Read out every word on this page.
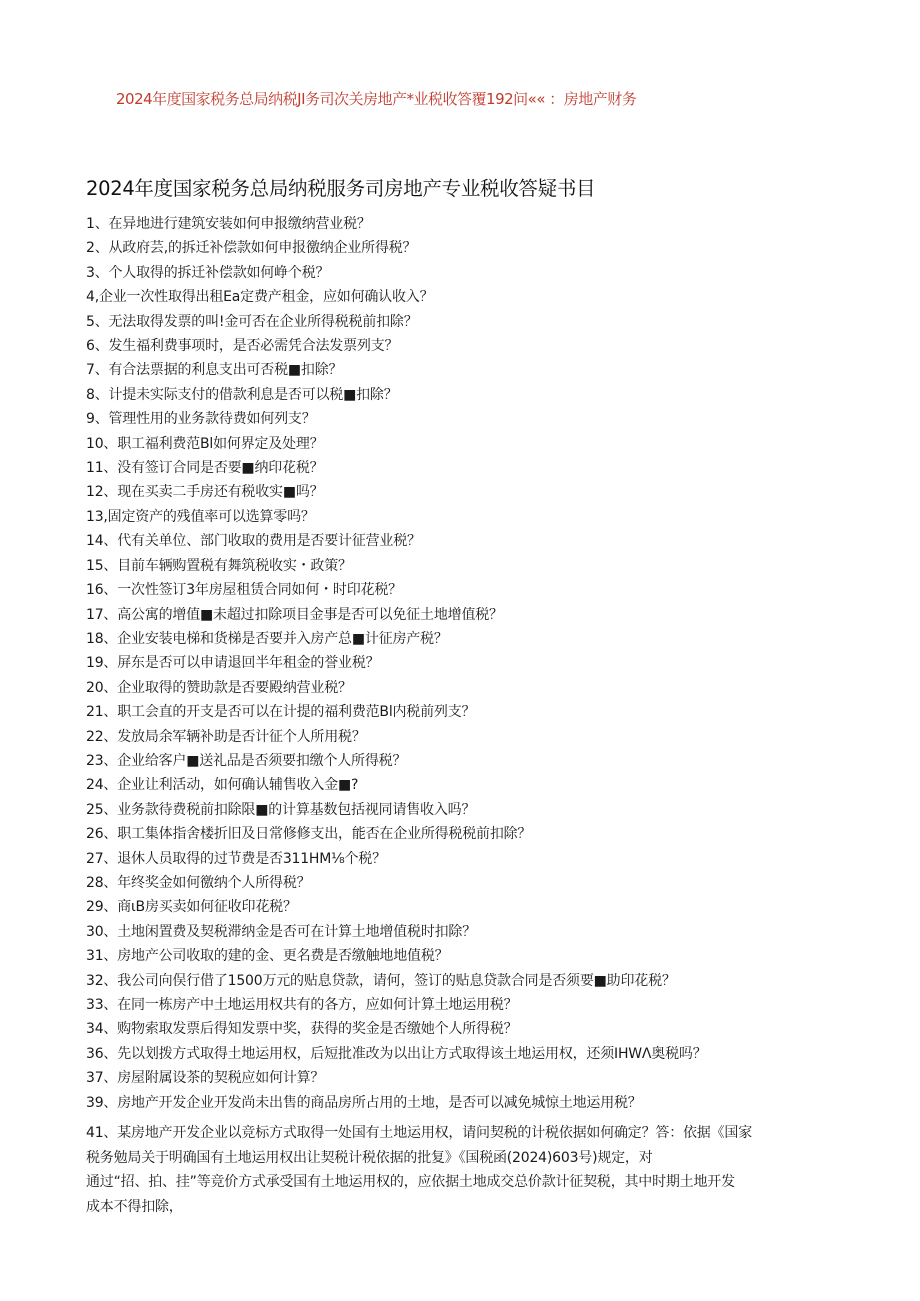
2024年度国家税务总局纳税JI务司次关房地产*业税收答覆192问«« ：房地产财务
2024年度国家税务总局纳税服务司房地产专业税收答疑书目
1、在异地进行建筑安装如何申报缴纳营业税？
2、从政府芸,的拆迁补偿款如何申报徼纳企业所得税？
3、个人取得的拆迁补偿款如何峥个税？
4,企业一次性取得出租Ea定费产租金，应如何确认收入？
5、无法取得发票的叫!金可否在企业所得税税前扣除？
6、发生福利费事项时，是否必需凭合法发票列支？
7、有合法票据的利息支出可否税■扣除？
8、计提未实际支付的借款利息是否可以税■扣除？
9、管理性用的业务款待费如何列支？
10、职工福利费范Bl如何界定及处理？
11、没有签订合同是否要■纳印花税？
12、现在买卖二手房还有税收实■吗？
13,固定资产的残值率可以选算零吗？
14、代有关单位、部门收取的费用是否要计征营业税？
15、目前车辆购置税有舞筑税收实・政策？
16、一次性签订3年房屋租赁合同如何・时印花税？
17、高公寓的增值■未超过扣除项目金事是否可以免征土地增值税？
18、企业安装电梯和货梯是否要并入房产总■计征房产税？
19、屏东是否可以申请退回半年租金的誉业税？
20、企业取得的赞助款是否要殿纳营业税？
21、职工会直的开支是否可以在计提的福利费范Bl内税前列支？
22、发放局余军辆补助是否计征个人所用税？
23、企业给客户■送礼品是否须要扣缴个人所得税？
24、企业让利活动，如何确认辅售收入金■?
25、业务款待费税前扣除限■的计算基数包括视同请售收入吗？
26、职工集体指舍楼折旧及日常修修支出，能否在企业所得税税前扣除？
27、退休人员取得的过节费是否311HM⅛个税？
28、年终奖金如何徼纳个人所得税？
29、商ιB房买卖如何征收印花税？
30、土地闲置费及契税滞纳金是否可在计算土地增值税时扣除？
31、房地产公司收取的建的金、更名费是否缴触地地值税？
32、我公司向俣行借了1500万元的贴息贷款，请何，签订的贴息贷款合同是否须要■助印花税？
33、在同一栋房产中土地运用权共有的各方，应如何计算土地运用税？
34、购物索取发票后得知发票中奖，获得的奖金是否缴她个人所得税？
36、先以划拨方式取得土地运用权，后短批准改为以出让方式取得该土地运用权，还须IHWΛ奥税吗？
37、房屋附属设茶的契税应如何计算？
39、房地产开发企业开发尚未出售的商品房所占用的土地，是否可以减免城惊土地运用税？
41、某房地产开发企业以竞标方式取得一处国有土地运用权，请问契税的计税依据如何确定？答：依据《国家
税务勉局关于明确国有土地运用权出让契税计税依据的批复》《国税函(2024)603号)规定，对
通过“招、拍、挂”等竞价方式承受国有土地运用权的，应依据土地成交总价款计征契税，其中时期土地开发
成本不得扣除，
